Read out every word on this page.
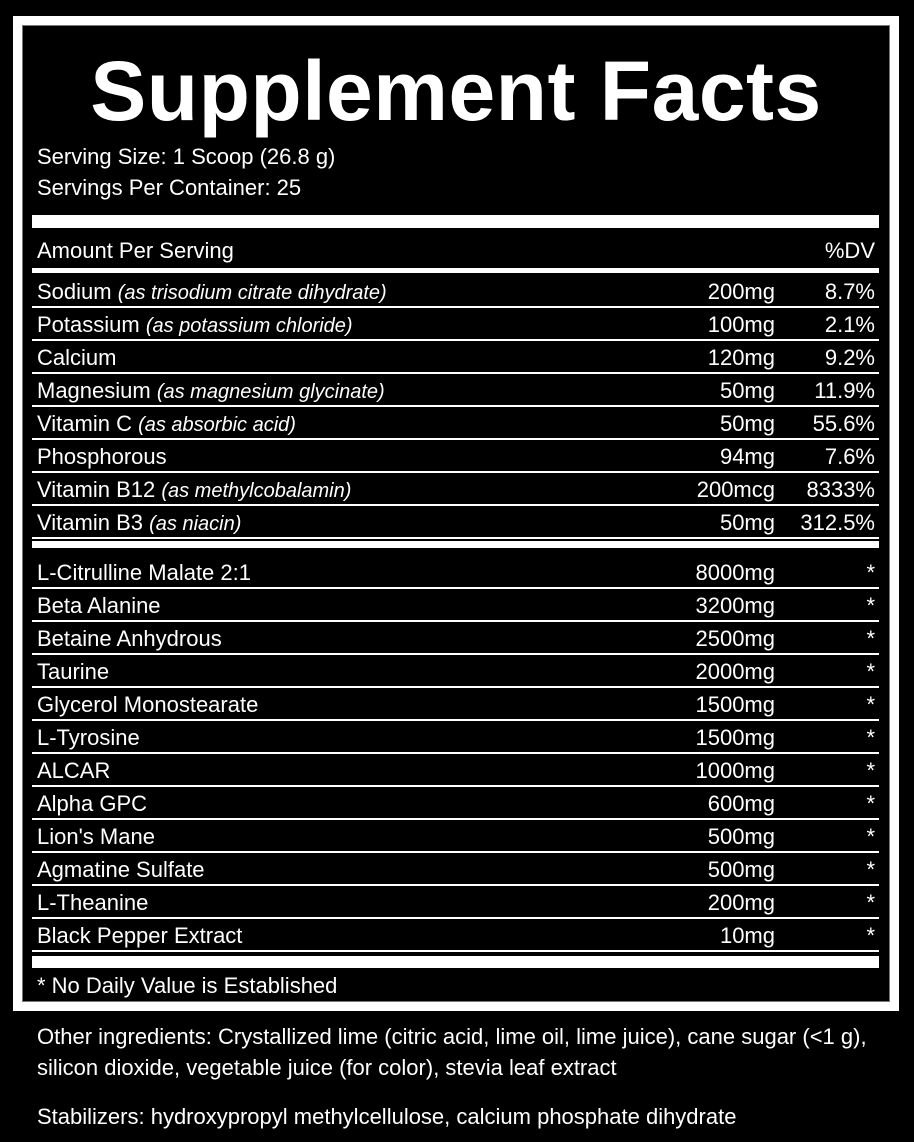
Supplement Facts
Serving Size: 1 Scoop (26.8 g)
Servings Per Container: 25
Amount Per Serving	%DV
Sodium (as trisodium citrate dihydrate)	200mg 8.7%
Potassium (as potassium chloride)	100mg 2.1%
Calcium	120mg 9.2%
Magnesium (as magnesium glycinate)	50mg 11.9%
Vitamin C (as absorbic acid)	50mg 55.6%
Phosphorous	94mg 7.6%
Vitamin B12 (as methylcobalamin)	200mcg 8333%
Vitamin B3 (as niacin)	50mg 312.5%
L-Citrulline Malate 2:1	8000mg	*
Beta Alanine	3200mg	*
Betaine Anhydrous	2500mg	*
Taurine	2000mg	*
Glycerol Monostearate	1500mg	*
L-Tyrosine	1500mg	*
ALCAR	1000mg	*
Alpha GPC	600mg	*
Lion's Mane	500mg	*
Agmatine Sulfate	500mg	*
L-Theanine	200mg	*
Black Pepper Extract	10mg	*
* No Daily Value is Established
Other ingredients: Crystallized lime (citric acid, lime oil, lime juice), cane sugar (<1 g), silicon dioxide, vegetable juice (for color), stevia leaf extract
Stabilizers: hydroxypropyl methylcellulose, calcium phosphate dihydrate
